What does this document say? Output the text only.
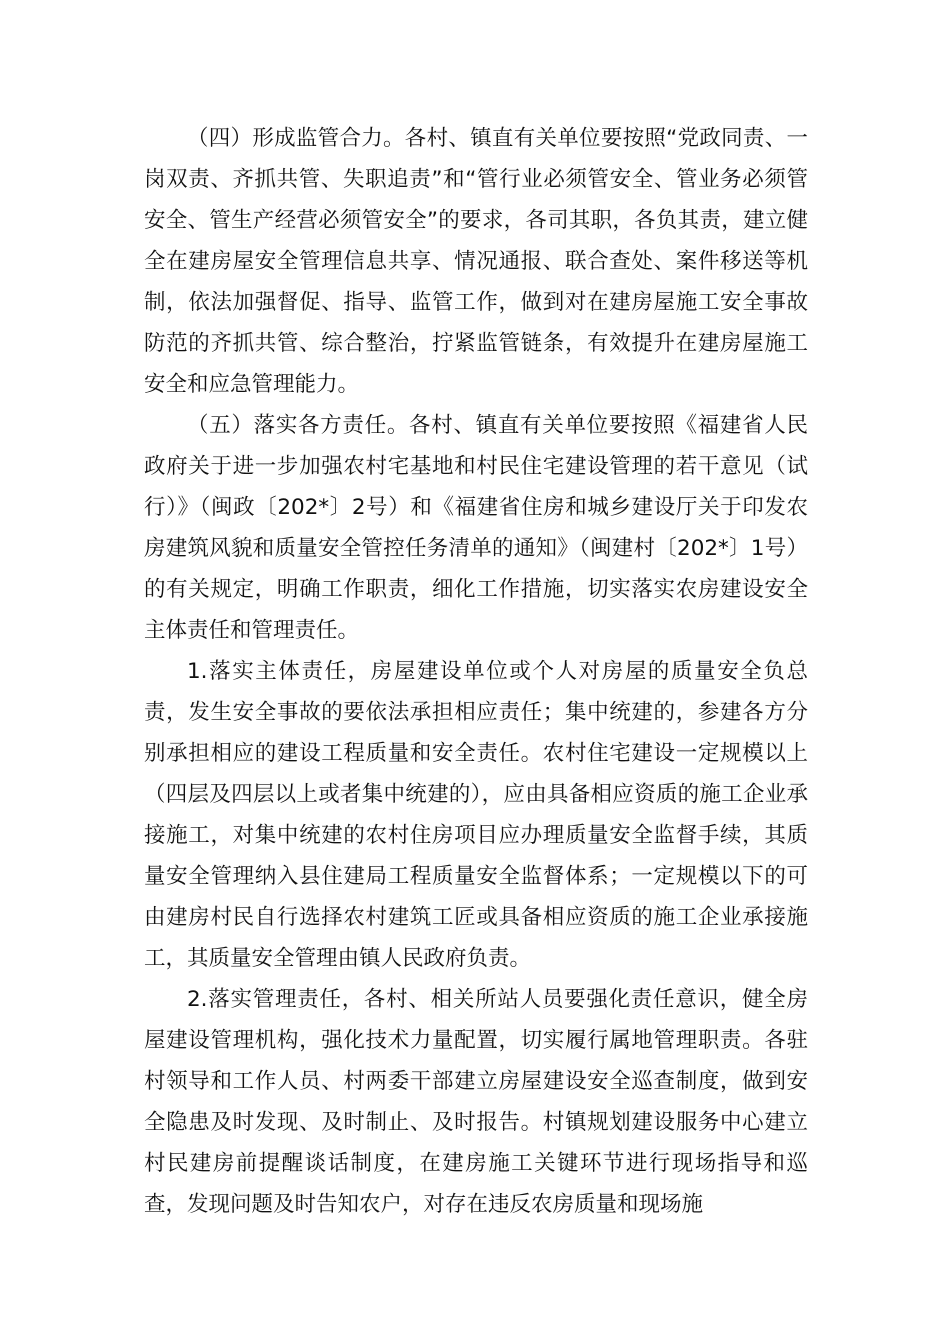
（四）形成监管合力。各村、镇直有关单位要按照“党政同责、一岗双责、齐抓共管、失职追责”和“管行业必须管安全、管业务必须管安全、管生产经营必须管安全”的要求，各司其职，各负其责，建立健全在建房屋安全管理信息共享、情况通报、联合查处、案件移送等机制，依法加强督促、指导、监管工作，做到对在建房屋施工安全事故防范的齐抓共管、综合整治，拧紧监管链条，有效提升在建房屋施工安全和应急管理能力。

（五）落实各方责任。各村、镇直有关单位要按照《福建省人民政府关于进一步加强农村宅基地和村民住宅建设管理的若干意见（试行）》（闽政〔202*〕2号）和《福建省住房和城乡建设厅关于印发农房建筑风貌和质量安全管控任务清单的通知》（闽建村〔202*〕1号）的有关规定，明确工作职责，细化工作措施，切实落实农房建设安全主体责任和管理责任。

1.落实主体责任，房屋建设单位或个人对房屋的质量安全负总责，发生安全事故的要依法承担相应责任；集中统建的，参建各方分别承担相应的建设工程质量和安全责任。农村住宅建设一定规模以上（四层及四层以上或者集中统建的），应由具备相应资质的施工企业承接施工，对集中统建的农村住房项目应办理质量安全监督手续，其质量安全管理纳入县住建局工程质量安全监督体系；一定规模以下的可由建房村民自行选择农村建筑工匠或具备相应资质的施工企业承接施工，其质量安全管理由镇人民政府负责。

2.落实管理责任，各村、相关所站人员要强化责任意识，健全房屋建设管理机构，强化技术力量配置，切实履行属地管理职责。各驻村领导和工作人员、村两委干部建立房屋建设安全巡查制度，做到安全隐患及时发现、及时制止、及时报告。村镇规划建设服务中心建立村民建房前提醒谈话制度，在建房施工关键环节进行现场指导和巡查，发现问题及时告知农户，对存在违反农房质量和现场施
